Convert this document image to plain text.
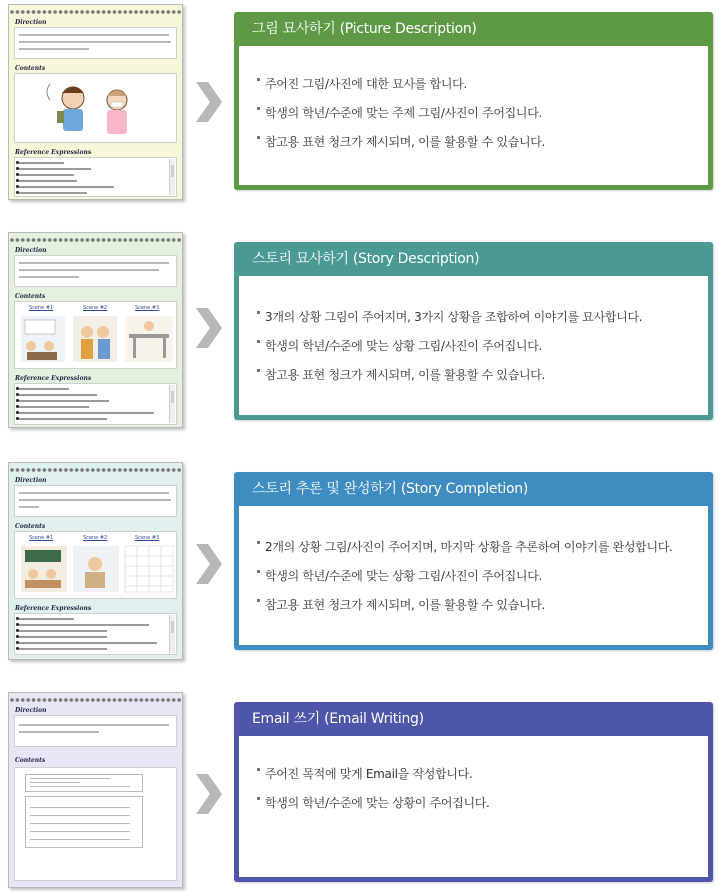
Direction
Contents
Reference Expressions
그림 묘사하기 (Picture Description)
주어진 그림/사진에 대한 묘사를 합니다.
학생의 학년/수준에 맞는 주제 그림/사진이 주어집니다.
참고용 표현 청크가 제시되며, 이를 활용할 수 있습니다.
Direction
Contents
Scene #1	Scene #2	Scene #3
Reference Expressions
스토리 묘사하기 (Story Description)
3개의 상황 그림이 주어지며, 3가지 상황을 조합하여 이야기를 묘사합니다.
학생의 학년/수준에 맞는 상황 그림/사진이 주어집니다.
참고용 표현 청크가 제시되며, 이를 활용할 수 있습니다.
Direction
Contents
Scene #1	Scene #2	Scene #3
Reference Expressions
스토리 추론 및 완성하기 (Story Completion)
2개의 상황 그림/사진이 주어지며, 마지막 상황을 추론하여 이야기를 완성합니다.
학생의 학년/수준에 맞는 상황 그림/사진이 주어집니다.
참고용 표현 청크가 제시되며, 이를 활용할 수 있습니다.
Direction
Contents
Email 쓰기 (Email Writing)
주어진 목적에 맞게 Email을 작성합니다.
학생의 학년/수준에 맞는 상황이 주어집니다.
